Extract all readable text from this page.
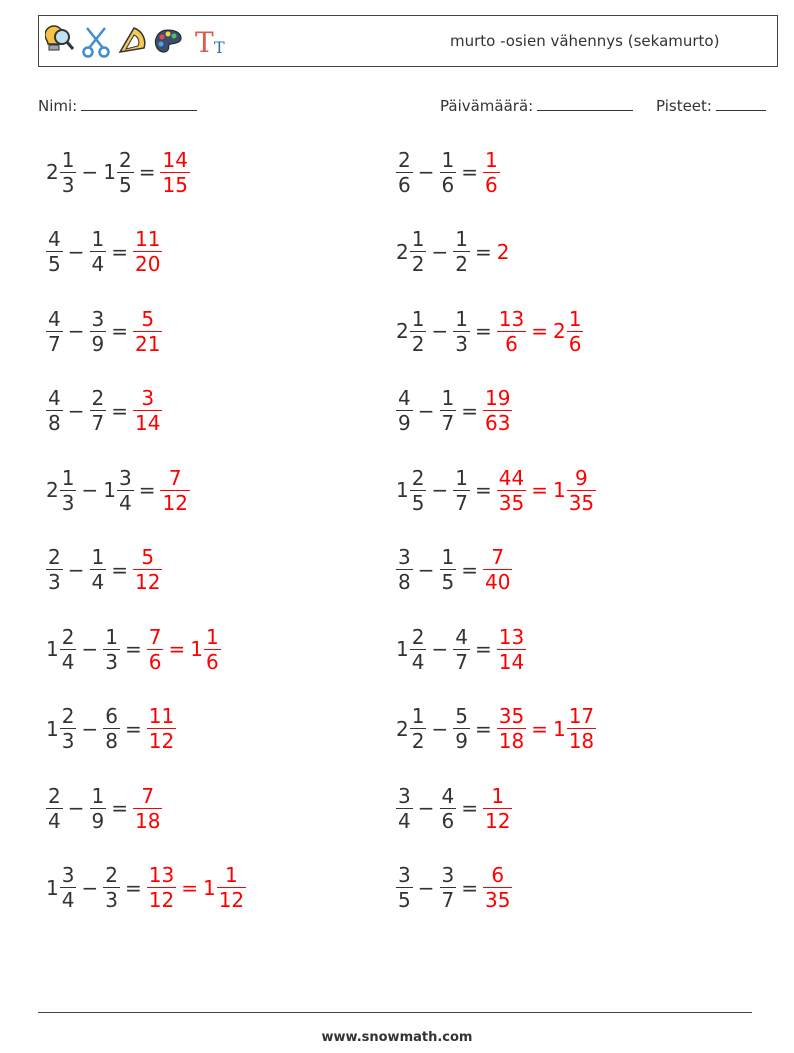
T T	murto -osien vähennys (sekamurto)
Nimi:	Päivämäärä:	Pisteet:
$2 \frac{1}{3} - 1 \frac{2}{5} = \frac{14}{15}$	$\frac{2}{6} - \frac{1}{6} = \frac{1}{6}$
$\frac{4}{5} - \frac{1}{4} = \frac{11}{20}$	$2 \frac{1}{2} - \frac{1}{2} = 2$
$\frac{4}{7} - \frac{3}{9} = \frac{5}{21}$	$2 \frac{1}{2} - \frac{1}{3} = \frac{13}{6} = 2 \frac{1}{6}$
$\frac{4}{8} - \frac{2}{7} = \frac{3}{14}$	$\frac{4}{9} - \frac{1}{7} = \frac{19}{63}$
$2 \frac{1}{3} - 1 \frac{3}{4} = \frac{7}{12}$	$1 \frac{2}{5} - \frac{1}{7} = \frac{44}{35} = 1 \frac{9}{35}$
$\frac{2}{3} - \frac{1}{4} = \frac{5}{12}$	$\frac{3}{8} - \frac{1}{5} = \frac{7}{40}$
$1 \frac{2}{4} - \frac{1}{3} = \frac{7}{6} = 1 \frac{1}{6}$	$1 \frac{2}{4} - \frac{4}{7} = \frac{13}{14}$
$1 \frac{2}{3} - \frac{6}{8} = \frac{11}{12}$	$2 \frac{1}{2} - \frac{5}{9} = \frac{35}{18} = 1 \frac{17}{18}$
$\frac{2}{4} - \frac{1}{9} = \frac{7}{18}$	$\frac{3}{4} - \frac{4}{6} = \frac{1}{12}$
$1 \frac{3}{4} - \frac{2}{3} = \frac{13}{12} = 1 \frac{1}{12}$	$\frac{3}{5} - \frac{3}{7} = \frac{6}{35}$
www.snowmath.com
